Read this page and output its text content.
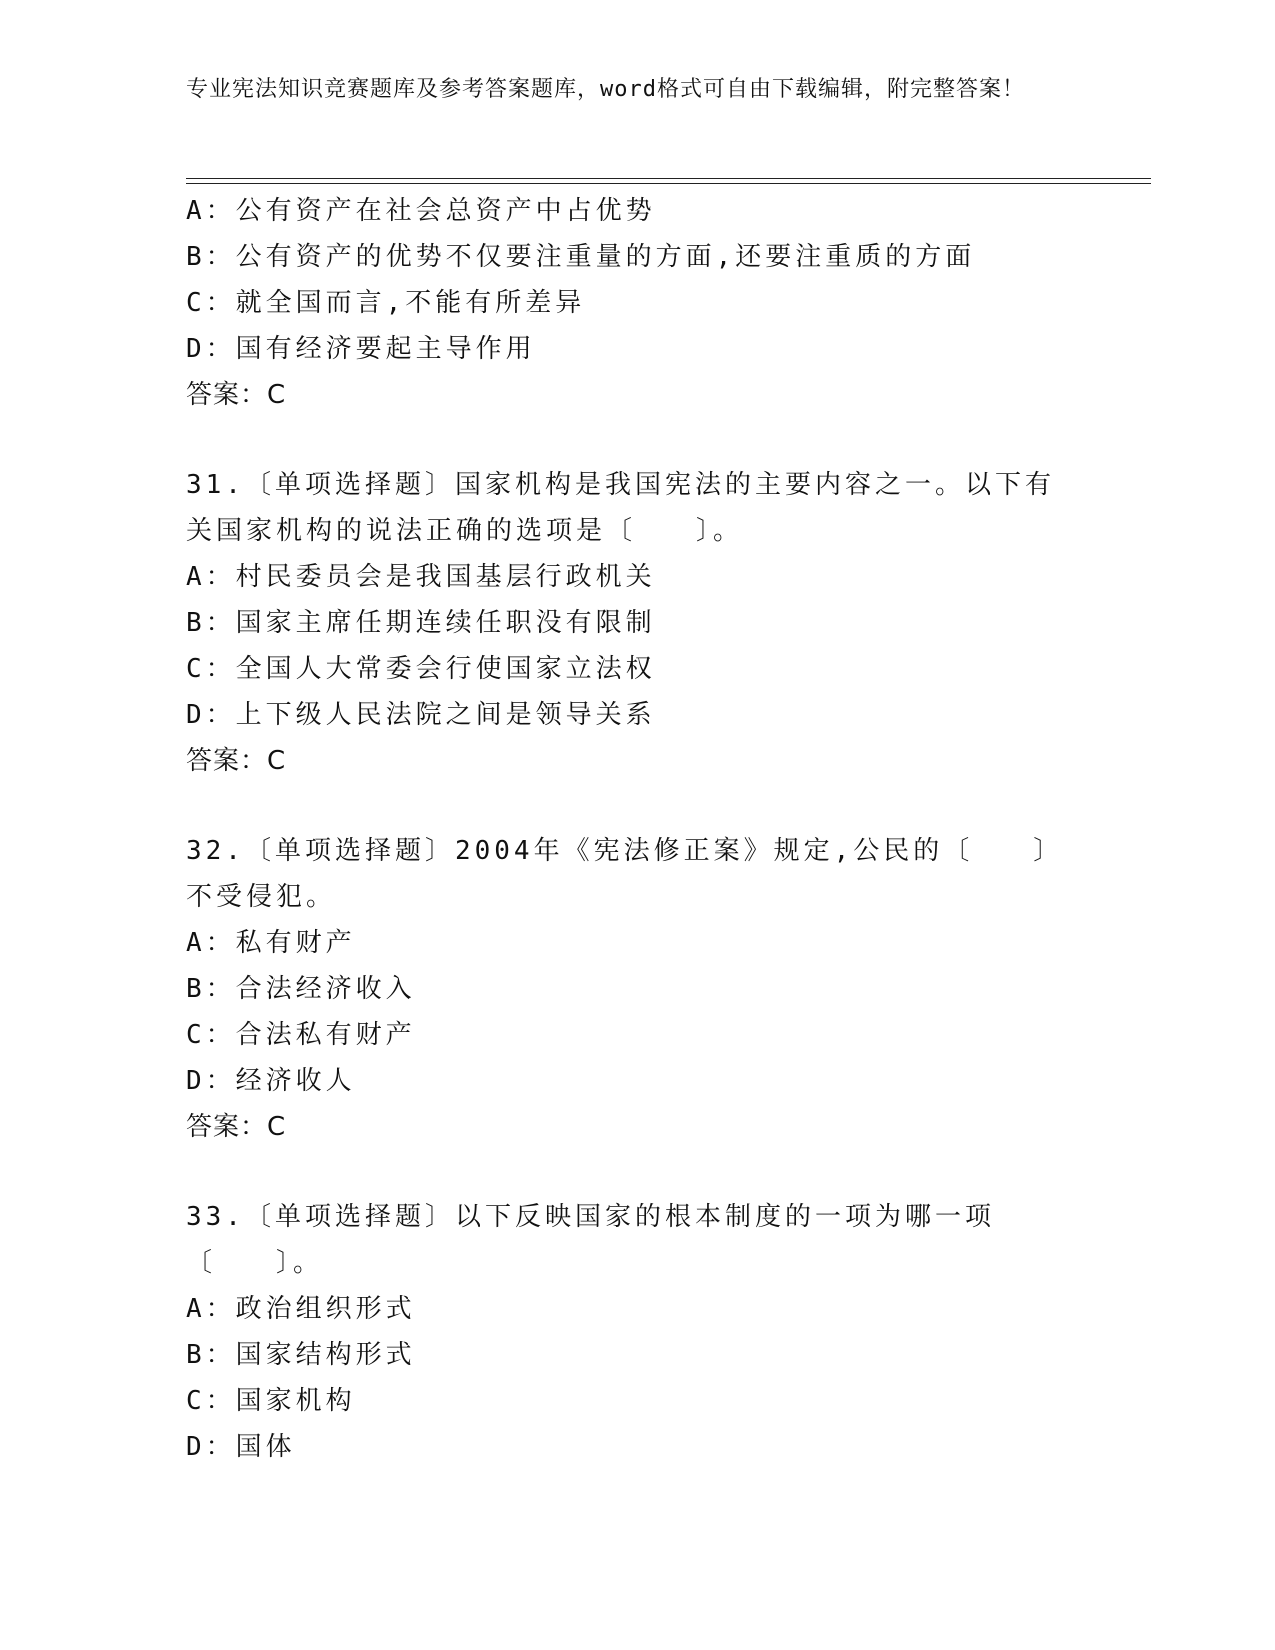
专业宪法知识竞赛题库及参考答案题库，word格式可自由下载编辑，附完整答案！
A：公有资产在社会总资产中占优势
B：公有资产的优势不仅要注重量的方面,还要注重质的方面
C：就全国而言,不能有所差异
D：国有经济要起主导作用
答案：C
31.〔单项选择题〕国家机构是我国宪法的主要内容之一。以下有关国家机构的说法正确的选项是〔　　〕。
A：村民委员会是我国基层行政机关
B：国家主席任期连续任职没有限制
C：全国人大常委会行使国家立法权
D：上下级人民法院之间是领导关系
答案：C
32.〔单项选择题〕2004年《宪法修正案》规定,公民的〔　　〕不受侵犯。
A：私有财产
B：合法经济收入
C：合法私有财产
D：经济收人
答案：C
33.〔单项选择题〕以下反映国家的根本制度的一项为哪一项〔　　〕。
A：政治组织形式
B：国家结构形式
C：国家机构
D：国体
